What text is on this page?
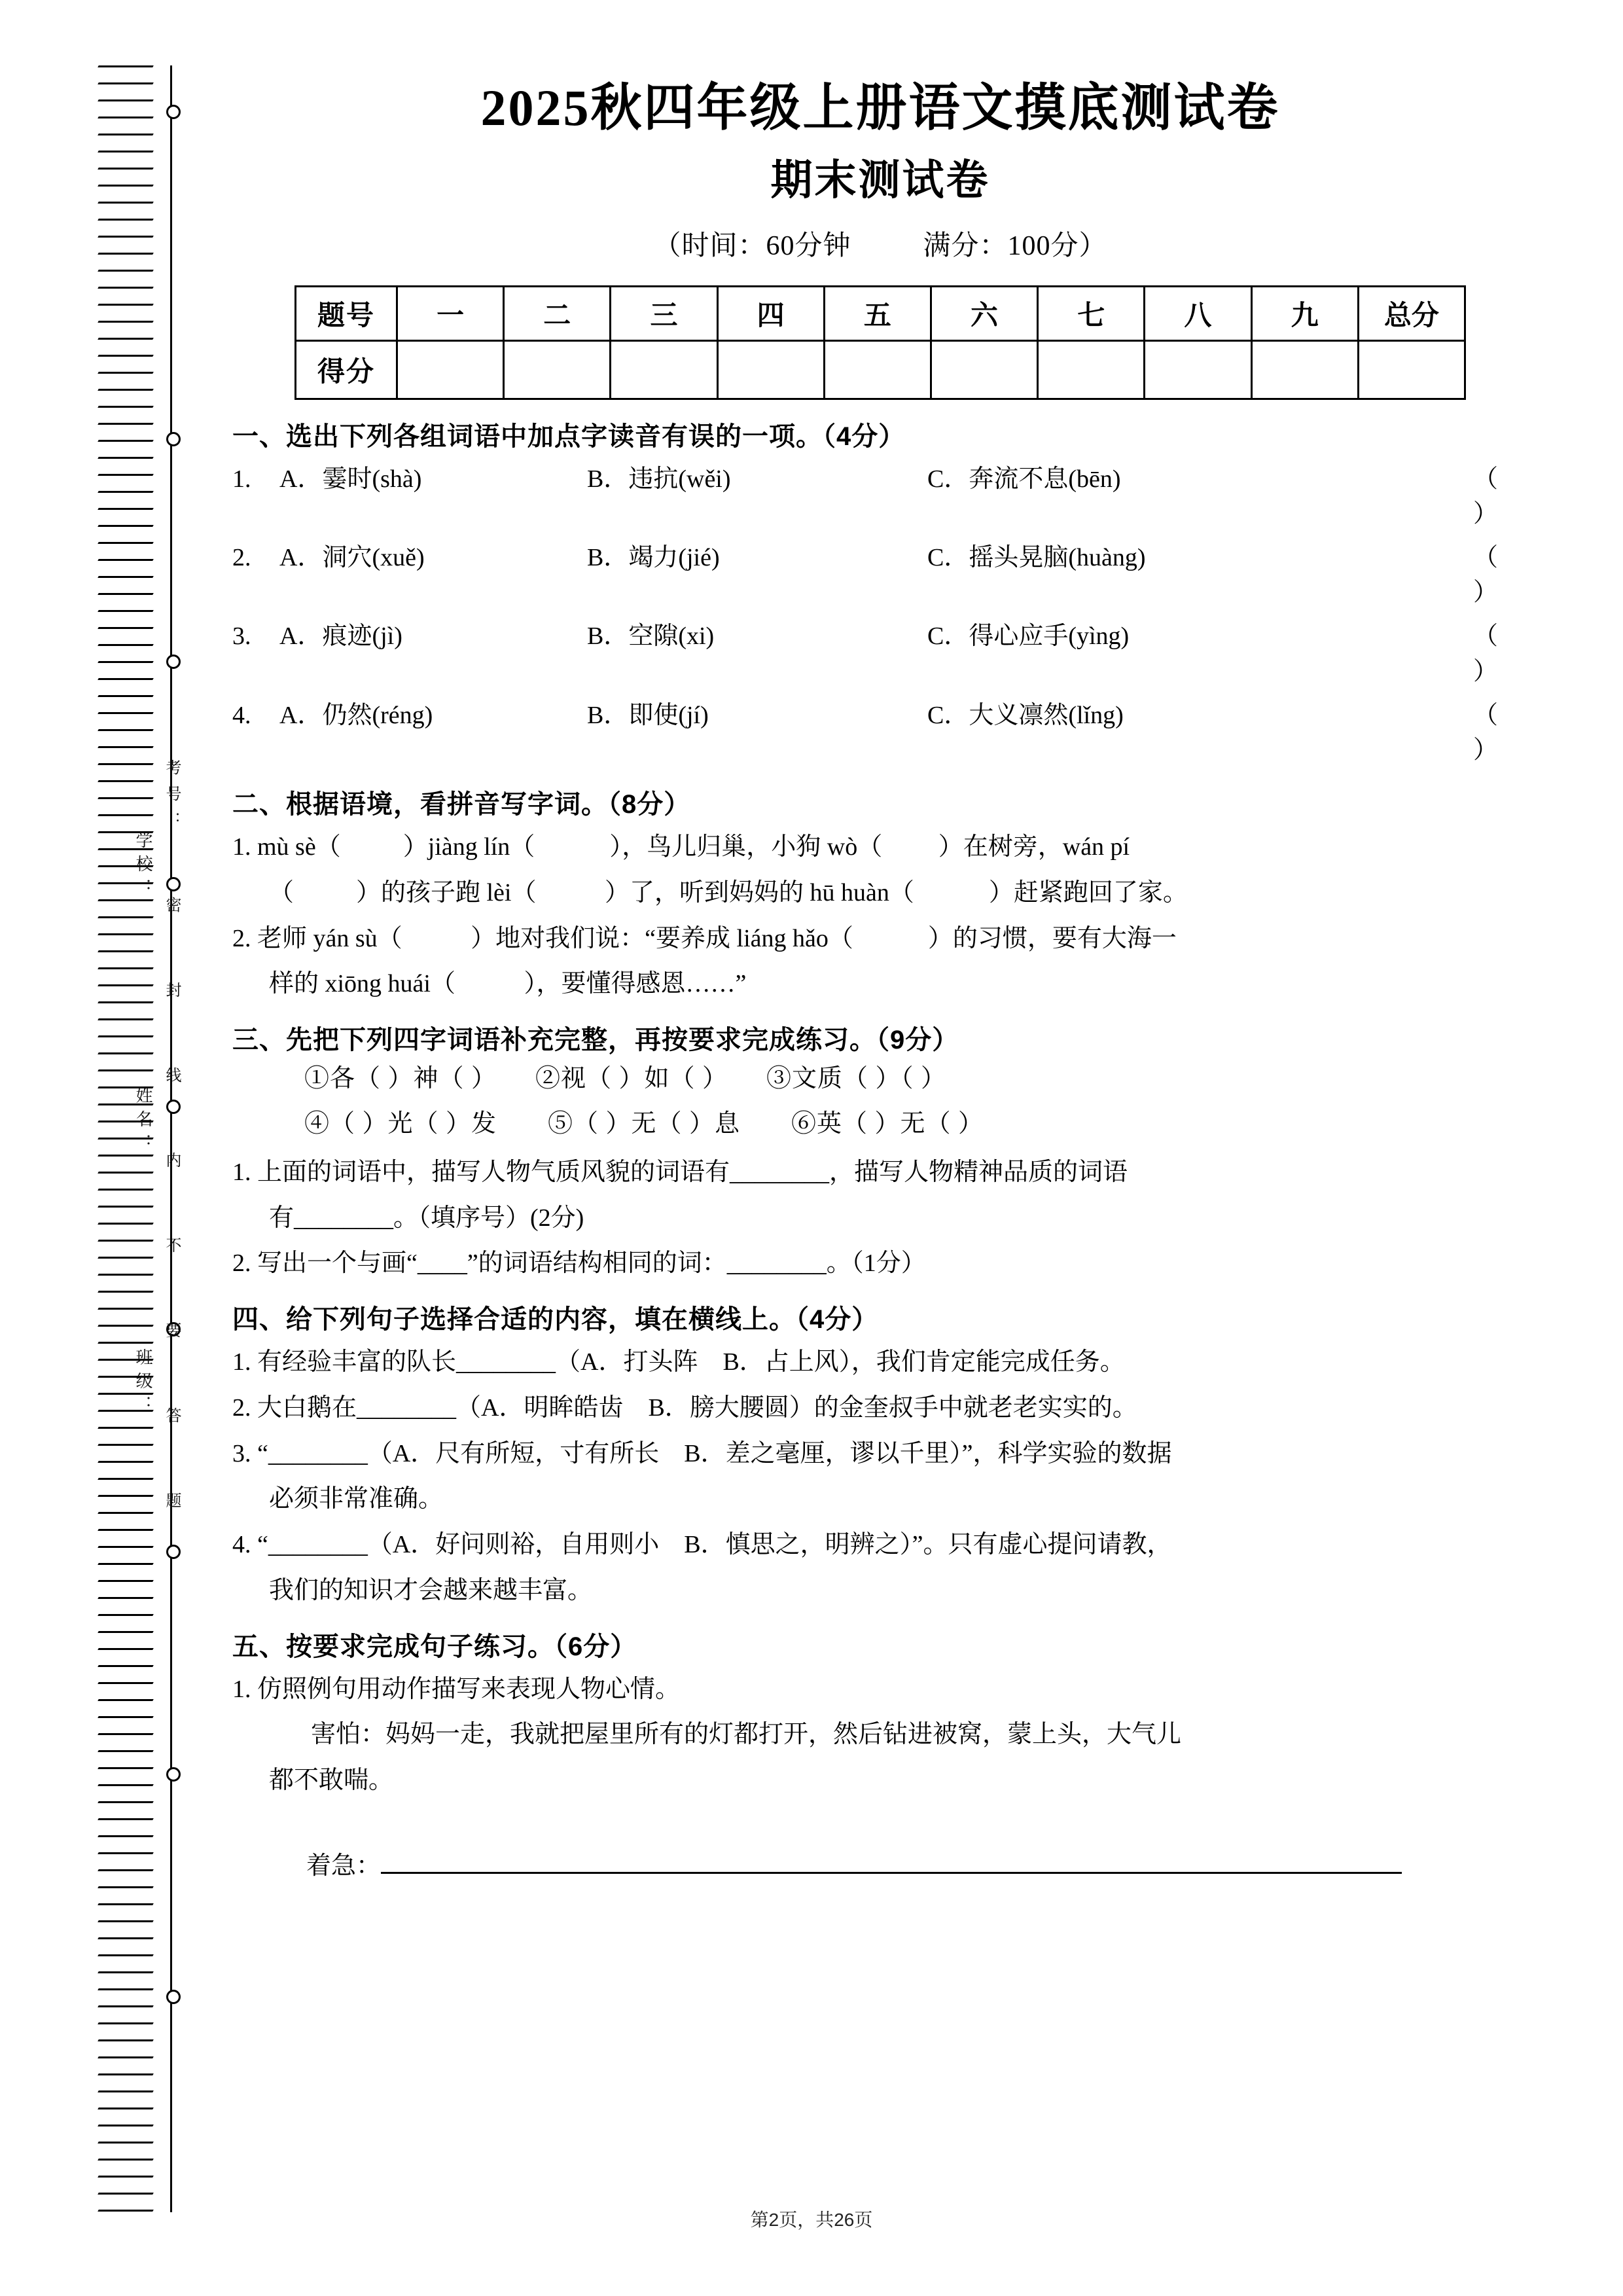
学校：
姓名：
班级：
考号：
密
封
线
内
不
要
答
题
2025秋四年级上册语文摸底测试卷
期末测试卷
（时间：60分钟	满分：100分）
题号	一	二	三	四	五	六	七	八	九	总分
得分										
一、选出下列各组词语中加点字读音有误的一项。（4分）
1.	A．霎时(shà)	B．违抗(wěi)	C．奔流不息(bēn)	（ ）
2.	A．洞穴(xuě)	B．竭力(jié)	C．摇头晃脑(huàng)	（ ）
3.	A．痕迹(jì)	B．空隙(xi)	C．得心应手(yìng)	（ ）
4.	A．仍然(réng)	B．即使(jí)	C．大义凛然(lǐng)	（ ）
二、根据语境，看拼音写字词。（8分）
1. mù sè（          ）jiàng lín（            ），鸟儿归巢，小狗 wò（         ）在树旁，wán pí
（          ）的孩子跑 lèi（           ）了，听到妈妈的 hū huàn（            ）赶紧跑回了家。
2. 老师 yán sù（           ）地对我们说：“要养成 liáng hǎo（            ）的习惯，要有大海一
样的 xiōng huái（           ），要懂得感恩……”
三、先把下列四字词语补充完整，再按要求完成练习。（9分）
①各（ ）神（ ）　　②视（ ）如（ ）　　③文质（ ）（ ）
④（ ）光（ ）发　　⑤（ ）无（ ）息　　⑥英（ ）无（ ）
1. 上面的词语中，描写人物气质风貌的词语有________，描写人物精神品质的词语
有________。（填序号）(2分)
2. 写出一个与画“____”的词语结构相同的词：________。（1分）
四、给下列句子选择合适的内容，填在横线上。（4分）
1. 有经验丰富的队长________（A．打头阵　B．占上风），我们肯定能完成任务。
2. 大白鹅在________（A．明眸皓齿　B．膀大腰圆）的金奎叔手中就老老实实的。
3. “________（A．尺有所短，寸有所长　B．差之毫厘，谬以千里）”，科学实验的数据
必须非常准确。
4. “________（A．好问则裕，自用则小　B．慎思之，明辨之）”。只有虚心提问请教，
我们的知识才会越来越丰富。
五、按要求完成句子练习。（6分）
1. 仿照例句用动作描写来表现人物心情。
害怕：妈妈一走，我就把屋里所有的灯都打开，然后钻进被窝，蒙上头，大气儿
都不敢喘。

着急：

第2页，共26页
